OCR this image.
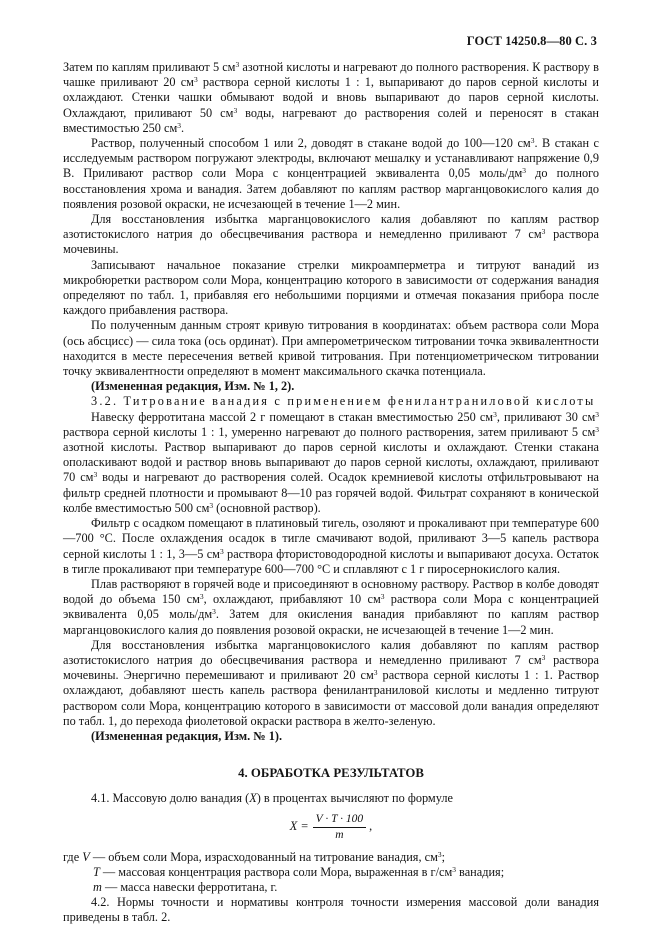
ГОСТ 14250.8—80 С. 3

Затем по каплям приливают 5 $см^3$ азотной кислоты и нагревают до полного растворения. К раствору в чашке приливают 20 $см^3$ раствора серной кислоты 1 : 1, выпаривают до паров серной кислоты и охлаждают. Стенки чашки обмывают водой и вновь выпаривают до паров серной кислоты. Охлаждают, приливают 50 $см^3$ воды, нагревают до растворения солей и переносят в стакан вместимостью 250 $см^3$.

Раствор, полученный способом 1 или 2, доводят в стакане водой до 100—120 $см^3$. В стакан с исследуемым раствором погружают электроды, включают мешалку и устанавливают напряжение 0,9 В. Приливают раствор соли Мора с концентрацией эквивалента 0,05 моль/$дм^3$ до полного восстановления хрома и ванадия. Затем добавляют по каплям раствор марганцовокислого калия до появления розовой окраски, не исчезающей в течение 1—2 мин.

Для восстановления избытка марганцовокислого калия добавляют по каплям раствор азотистокислого натрия до обесцвечивания раствора и немедленно приливают 7 $см^3$ раствора мочевины.

Записывают начальное показание стрелки микроамперметра и титруют ванадий из микробюретки раствором соли Мора, концентрацию которого в зависимости от содержания ванадия определяют по табл. 1, прибавляя его небольшими порциями и отмечая показания прибора после каждого прибавления раствора.

По полученным данным строят кривую титрования в координатах: объем раствора соли Мора (ось абсцисс) — сила тока (ось ординат). При амперометрическом титровании точка эквивалентности находится в месте пересечения ветвей кривой титрования. При потенциометрическом титровании точку эквивалентности определяют в момент максимального скачка потенциала.

(Измененная редакция, Изм. № 1, 2).

3.2. Титрование ванадия с применением фенилантраниловой кислоты

Навеску ферротитана массой 2 г помещают в стакан вместимостью 250 $см^3$, приливают 30 $см^3$ раствора серной кислоты 1 : 1, умеренно нагревают до полного растворения, затем приливают 5 $см^3$ азотной кислоты. Раствор выпаривают до паров серной кислоты и охлаждают. Стенки стакана ополаскивают водой и раствор вновь выпаривают до паров серной кислоты, охлаждают, приливают 70 $см^3$ воды и нагревают до растворения солей. Осадок кремниевой кислоты отфильтровывают на фильтр средней плотности и промывают 8—10 раз горячей водой. Фильтрат сохраняют в конической колбе вместимостью 500 $см^3$ (основной раствор).

Фильтр с осадком помещают в платиновый тигель, озоляют и прокаливают при температуре 600—700 °С. После охлаждения осадок в тигле смачивают водой, приливают 3—5 капель раствора серной кислоты 1 : 1, 3—5 $см^3$ раствора фтористоводородной кислоты и выпаривают досуха. Остаток в тигле прокаливают при температуре 600—700 °С и сплавляют с 1 г пиросернокислого калия.

Плав растворяют в горячей воде и присоединяют в основному раствору. Раствор в колбе доводят водой до объема 150 $см^3$, охлаждают, прибавляют 10 $см^3$ раствора соли Мора с концентрацией эквивалента 0,05 моль/$дм^3$. Затем для окисления ванадия прибавляют по каплям раствор марганцовокислого калия до появления розовой окраски, не исчезающей в течение 1—2 мин.

Для восстановления избытка марганцовокислого калия добавляют по каплям раствор азотистокислого натрия до обесцвечивания раствора и немедленно приливают 7 $см^3$ раствора мочевины. Энергично перемешивают и приливают 20 $см^3$ раствора серной кислоты 1 : 1. Раствор охлаждают, добавляют шесть капель раствора фенилантраниловой кислоты и медленно титруют раствором соли Мора, концентрацию которого в зависимости от массовой доли ванадия определяют по табл. 1, до перехода фиолетовой окраски раствора в желто-зеленую.

(Измененная редакция, Изм. № 1).

4. ОБРАБОТКА РЕЗУЛЬТАТОВ

4.1. Массовую долю ванадия (X) в процентах вычисляют по формуле

$X = \frac{V \cdot T \cdot 100}{m}$ ,

где V — объем соли Мора, израсходованный на титрование ванадия, $см^3$;

T — массовая концентрация раствора соли Мора, выраженная в $г/см^3$ ванадия;

m — масса навески ферротитана, г.

4.2. Нормы точности и нормативы контроля точности измерения массовой доли ванадия приведены в табл. 2.
